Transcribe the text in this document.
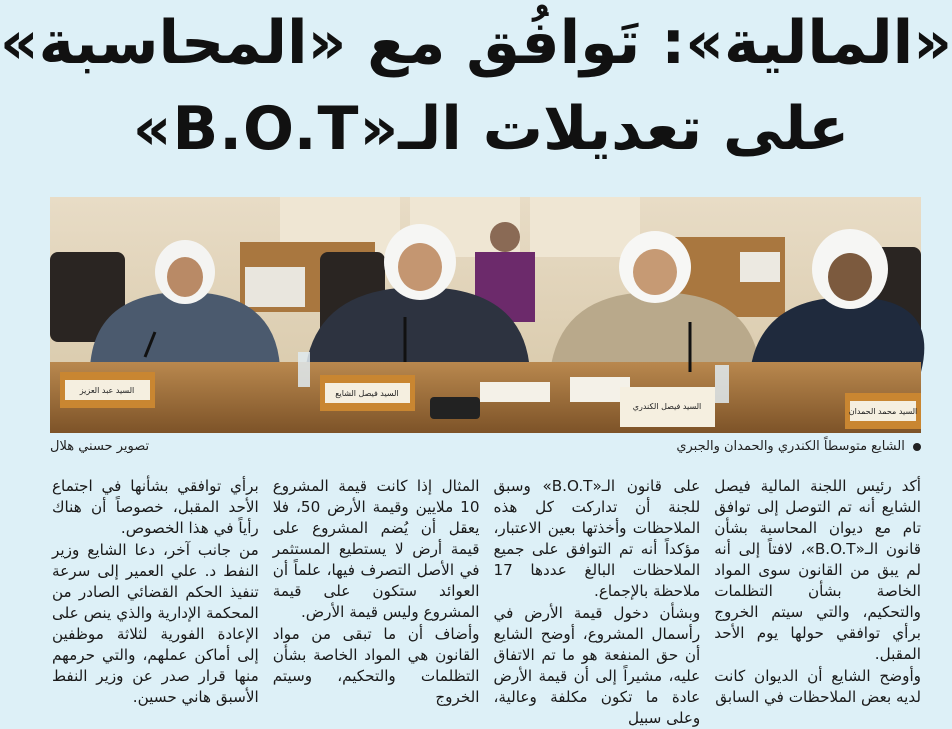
«المالية»: تَوافُق مع «المحاسبة»
على تعديلات الـ«B.O.T»
السيد عبد العزيز	السيد فيصل الشايع
السيد فيصل الكندري
السيد محمد الحمدان
الشايع متوسطاً الكندري والحمدان والجبري
تصوير حسني هلال

أكد رئيس اللجنة المالية فيصل الشايع أنه تم التوصل إلى توافق تام مع ديوان المحاسبة بشأن قانون الـ«B.O.T»، لافتاً إلى أنه لم يبق من القانون سوى المواد الخاصة بشأن التظلمات والتحكيم، والتي سيتم الخروج برأي توافقي حولها يوم الأحد المقبل.

وأوضح الشايع أن الديوان كانت لديه بعض الملاحظات في السابق

على قانون الـ«B.O.T» وسبق للجنة أن تداركت كل هذه الملاحظات وأخذتها بعين الاعتبار، مؤكداً أنه تم التوافق على جميع الملاحظات البالغ عددها 17 ملاحظة بالإجماع.

وبشأن دخول قيمة الأرض في رأسمال المشروع، أوضح الشايع أن حق المنفعة هو ما تم الاتفاق عليه، مشيراً إلى أن قيمة الأرض عادة ما تكون مكلفة وعالية، وعلى سبيل

المثال إذا كانت قيمة المشروع 10 ملايين وقيمة الأرض 50، فلا يعقل أن يُضم المشروع على قيمة أرض لا يستطيع المستثمر في الأصل التصرف فيها، علماً أن العوائد ستكون على قيمة المشروع وليس قيمة الأرض.

وأضاف أن ما تبقى من مواد القانون هي المواد الخاصة بشأن التظلمات والتحكيم، وسيتم الخروج

برأي توافقي بشأنها في اجتماع الأحد المقبل، خصوصاً أن هناك رأياً في هذا الخصوص.

من جانب آخر، دعا الشايع وزير النفط د. علي العمير إلى سرعة تنفيذ الحكم القضائي الصادر من المحكمة الإدارية والذي ينص على الإعادة الفورية لثلاثة موظفين إلى أماكن عملهم، والتي حرمهم منها قرار صدر عن وزير النفط الأسبق هاني حسين.
